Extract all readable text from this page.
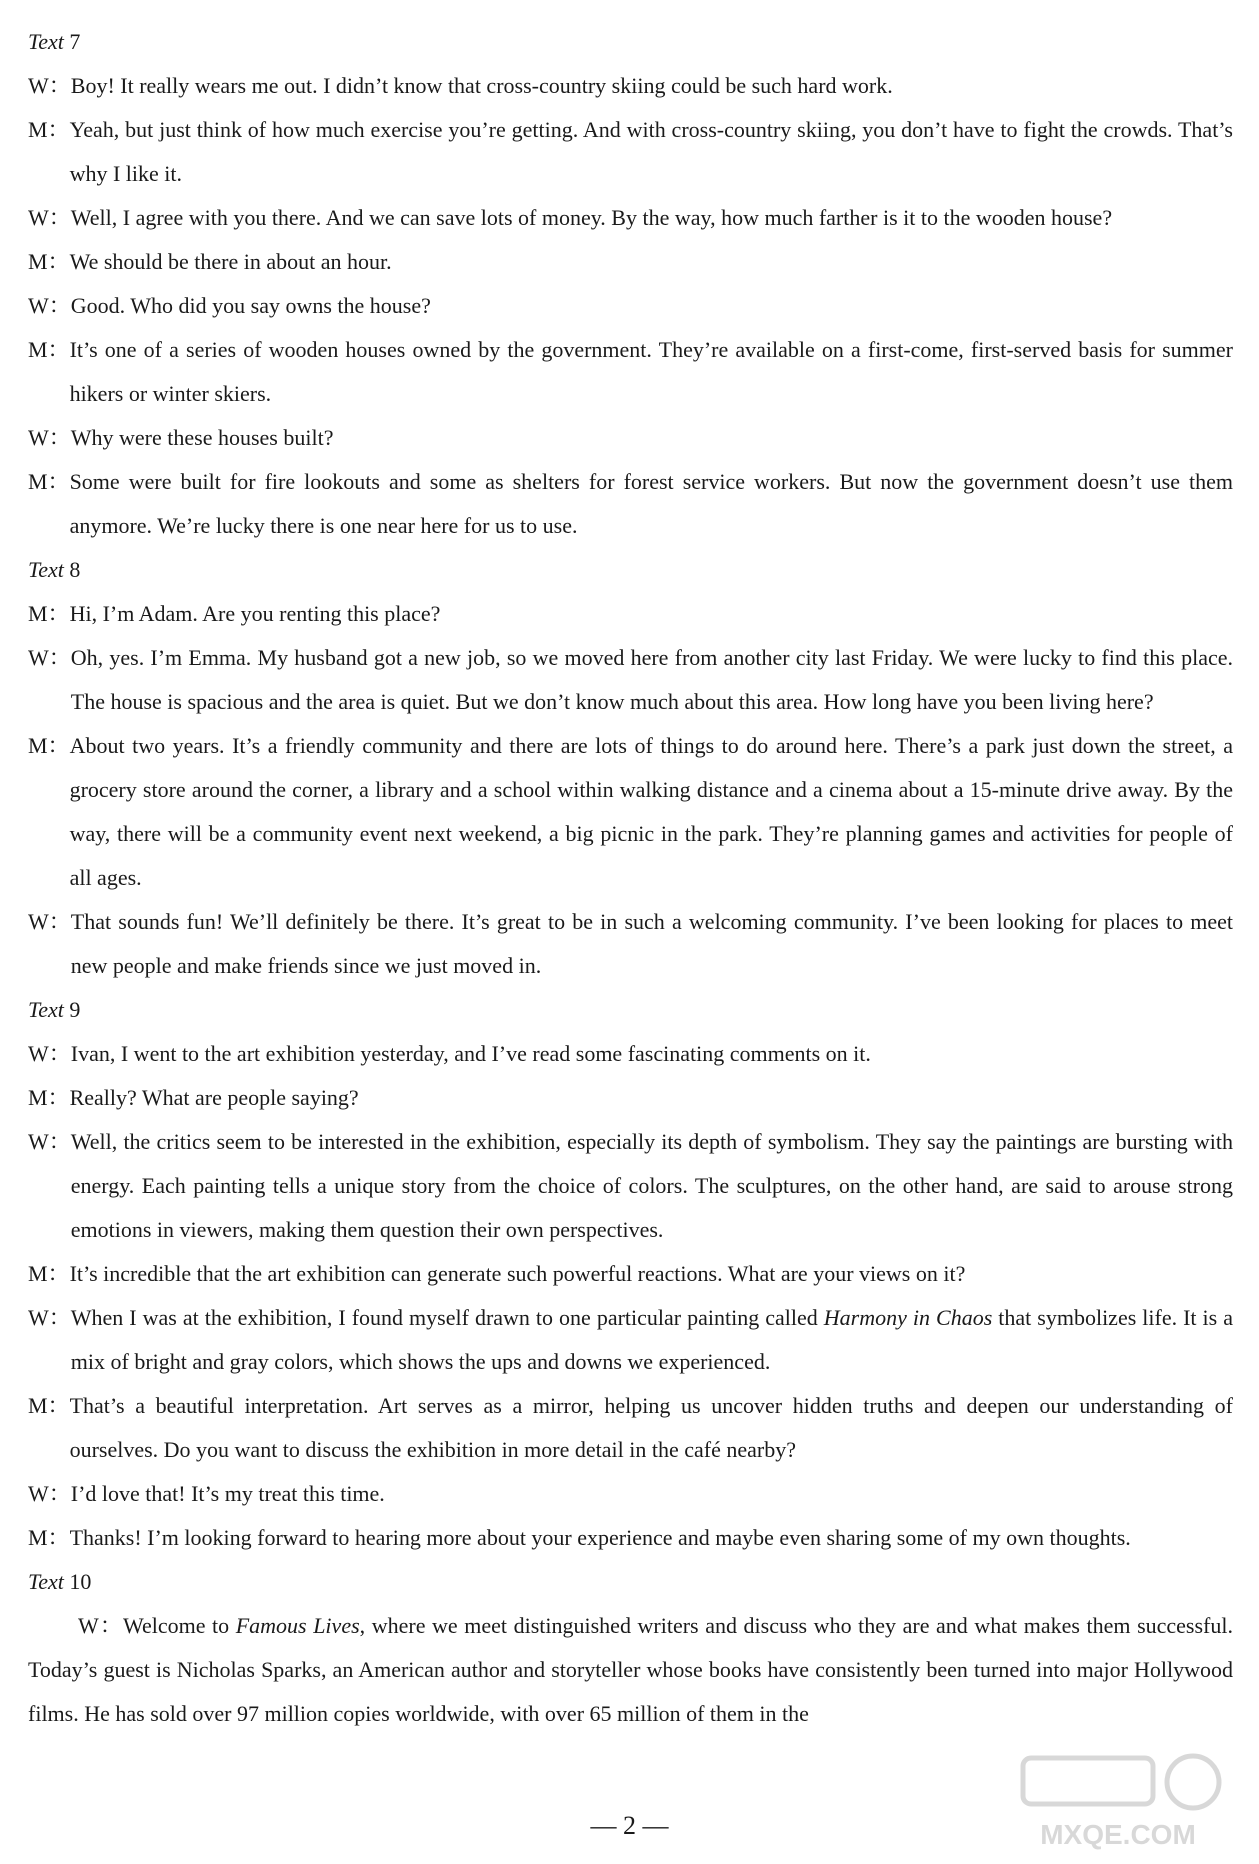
Text 7
W： Boy! It really wears me out. I didn’t know that cross-country skiing could be such hard work.
M： Yeah, but just think of how much exercise you’re getting. And with cross-country skiing, you don’t have to fight the crowds. That’s why I like it.
W： Well, I agree with you there. And we can save lots of money. By the way, how much farther is it to the wooden house?
M： We should be there in about an hour.
W： Good. Who did you say owns the house?
M： It’s one of a series of wooden houses owned by the government. They’re available on a first-come, first-served basis for summer hikers or winter skiers.
W： Why were these houses built?
M： Some were built for fire lookouts and some as shelters for forest service workers. But now the government doesn’t use them anymore. We’re lucky there is one near here for us to use.
Text 8
M： Hi, I’m Adam. Are you renting this place?
W： Oh, yes. I’m Emma. My husband got a new job, so we moved here from another city last Friday. We were lucky to find this place. The house is spacious and the area is quiet. But we don’t know much about this area. How long have you been living here?
M： About two years. It’s a friendly community and there are lots of things to do around here. There’s a park just down the street, a grocery store around the corner, a library and a school within walking distance and a cinema about a 15-minute drive away. By the way, there will be a community event next weekend, a big picnic in the park. They’re planning games and activities for people of all ages.
W： That sounds fun! We’ll definitely be there. It’s great to be in such a welcoming community. I’ve been looking for places to meet new people and make friends since we just moved in.
Text 9
W： Ivan, I went to the art exhibition yesterday, and I’ve read some fascinating comments on it.
M： Really? What are people saying?
W： Well, the critics seem to be interested in the exhibition, especially its depth of symbolism. They say the paintings are bursting with energy. Each painting tells a unique story from the choice of colors. The sculptures, on the other hand, are said to arouse strong emotions in viewers, making them question their own perspectives.
M： It’s incredible that the art exhibition can generate such powerful reactions. What are your views on it?
W： When I was at the exhibition, I found myself drawn to one particular painting called Harmony in Chaos that symbolizes life. It is a mix of bright and gray colors, which shows the ups and downs we experienced.
M： That’s a beautiful interpretation. Art serves as a mirror, helping us uncover hidden truths and deepen our understanding of ourselves. Do you want to discuss the exhibition in more detail in the café nearby?
W： I’d love that! It’s my treat this time.
M： Thanks! I’m looking forward to hearing more about your experience and maybe even sharing some of my own thoughts.
Text 10
W：Welcome to Famous Lives, where we meet distinguished writers and discuss who they are and what makes them successful. Today’s guest is Nicholas Sparks, an American author and storyteller whose books have consistently been turned into major Hollywood films. He has sold over 97 million copies worldwide, with over 65 million of them in the
— 2 —	MXQE.COM
